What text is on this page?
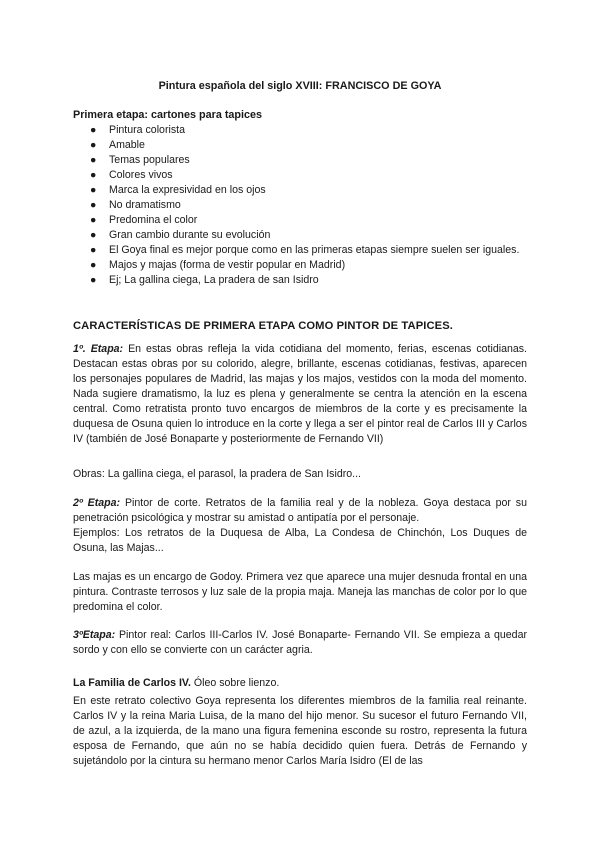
Pintura española del siglo XVIII: FRANCISCO DE GOYA
Primera etapa: cartones para tapices
● Pintura colorista
● Amable
● Temas populares
● Colores vivos
● Marca la expresividad en los ojos
● No dramatismo
● Predomina el color
● Gran cambio durante su evolución
● El Goya final es mejor porque como en las primeras etapas siempre suelen ser iguales.
● Majos y majas (forma de vestir popular en Madrid)
● Ej; La gallina ciega, La pradera de san Isidro
CARACTERÍSTICAS DE PRIMERA ETAPA COMO PINTOR DE TAPICES.

1º. Etapa: En estas obras refleja la vida cotidiana del momento, ferias, escenas cotidianas. Destacan estas obras por su colorido, alegre, brillante, escenas cotidianas, festivas, aparecen los personajes populares de Madrid, las majas y los majos, vestidos con la moda del momento. Nada sugiere dramatismo, la luz es plena y generalmente se centra la atención en la escena central. Como retratista pronto tuvo encargos de miembros de la corte y es precisamente la duquesa de Osuna quien lo introduce en la corte y llega a ser el pintor real de Carlos III y Carlos IV (también de José Bonaparte y posteriormente de Fernando VII)

Obras: La gallina ciega, el parasol, la pradera de San Isidro...

2º Etapa: Pintor de corte. Retratos de la familia real y de la nobleza. Goya destaca por su penetración psicológica y mostrar su amistad o antipatía por el personaje.

Ejemplos: Los retratos de la Duquesa de Alba, La Condesa de Chinchón, Los Duques de Osuna, las Majas...

Las majas es un encargo de Godoy. Primera vez que aparece una mujer desnuda frontal en una pintura. Contraste terrosos y luz sale de la propia maja. Maneja las manchas de color por lo que predomina el color.

3ºEtapa: Pintor real: Carlos III-Carlos IV. José Bonaparte- Fernando VII. Se empieza a quedar sordo y con ello se convierte con un carácter agria.

La Familia de Carlos IV. Óleo sobre lienzo.

En este retrato colectivo Goya representa los diferentes miembros de la familia real reinante. Carlos IV y la reina Maria Luisa, de la mano del hijo menor. Su sucesor el futuro Fernando VII, de azul, a la izquierda, de la mano una figura femenina esconde su rostro, representa la futura esposa de Fernando, que aún no se había decidido quien fuera. Detrás de Fernando y sujetándolo por la cintura su hermano menor Carlos María Isidro (El de las
